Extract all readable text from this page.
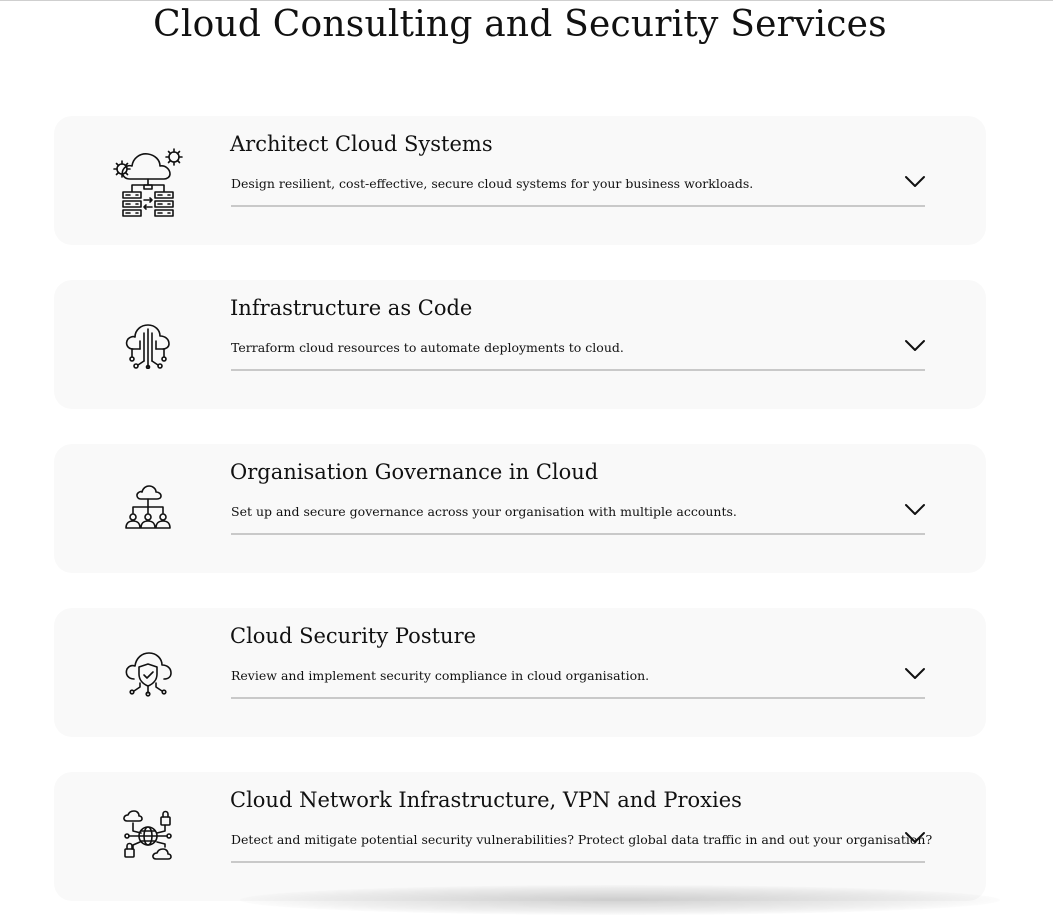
Cloud Consulting and Security Services
Architect Cloud Systems

Design resilient, cost-effective, secure cloud systems for your business workloads.

Infrastructure as Code

Terraform cloud resources to automate deployments to cloud.

Organisation Governance in Cloud

Set up and secure governance across your organisation with multiple accounts.

Cloud Security Posture

Review and implement security compliance in cloud organisation.

Cloud Network Infrastructure, VPN and Proxies

Detect and mitigate potential security vulnerabilities? Protect global data traffic in and out your organisation?
